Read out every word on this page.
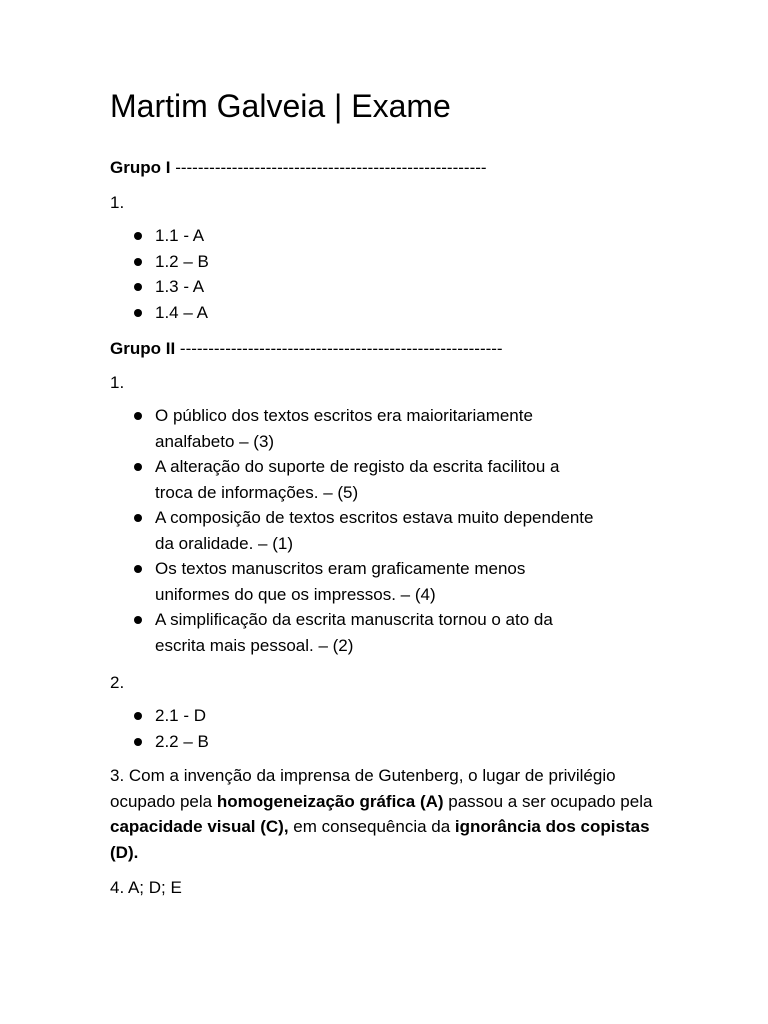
Martim Galveia | Exame
Grupo I -------------------------------------------------------
1.
1.1 - A
1.2 – B
1.3 - A
1.4 – A
Grupo II ---------------------------------------------------------
1.
O público dos textos escritos era maioritariamente analfabeto – (3)
A alteração do suporte de registo da escrita facilitou a troca de informações. – (5)
A composição de textos escritos estava muito dependente da oralidade. – (1)
Os textos manuscritos eram graficamente menos uniformes do que os impressos. – (4)
A simplificação da escrita manuscrita tornou o ato da escrita mais pessoal. – (2)
2.
2.1 - D
2.2 – B
3. Com a invenção da imprensa de Gutenberg, o lugar de privilégio ocupado pela homogeneização gráfica (A) passou a ser ocupado pela capacidade visual (C), em consequência da ignorância dos copistas (D).
4. A; D; E
